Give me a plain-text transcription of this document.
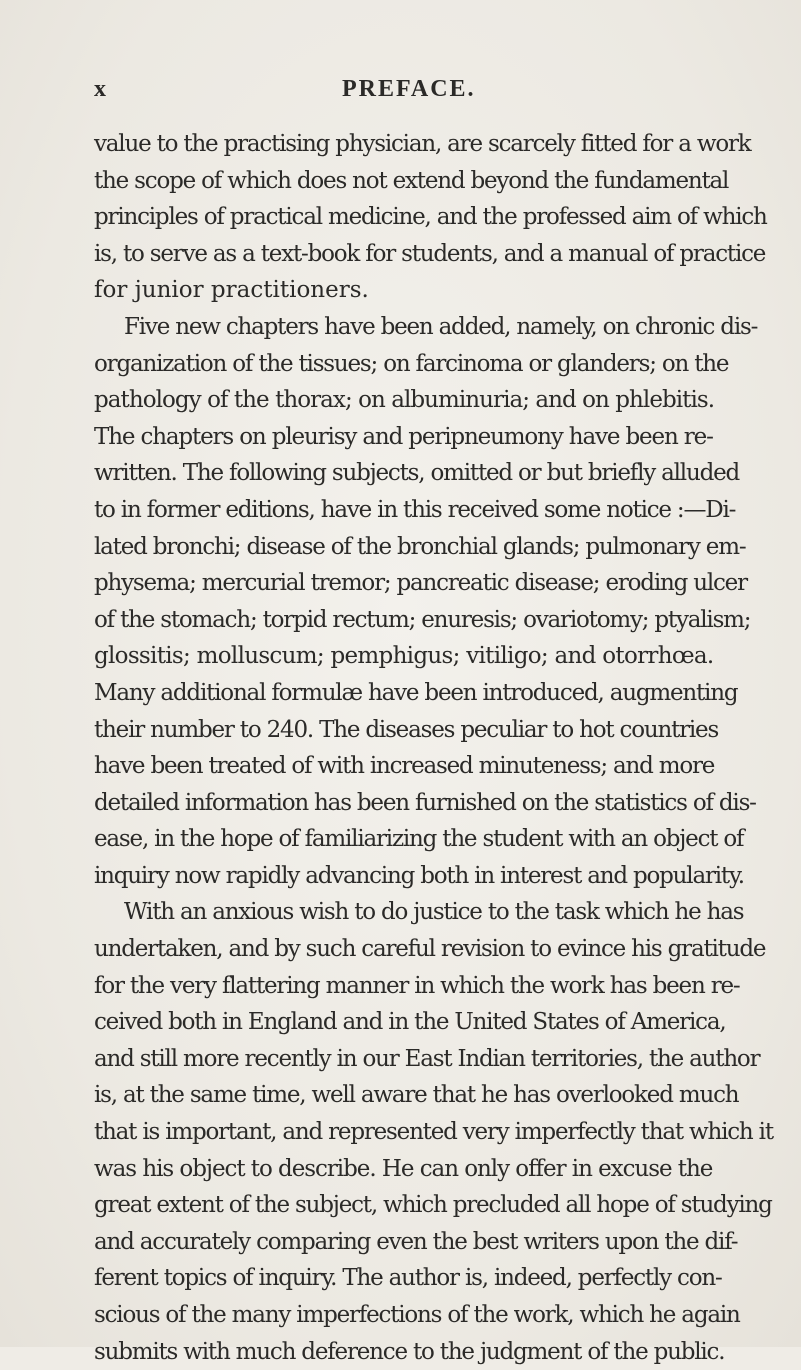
x	PREFACE.
value to the practising physician, are scarcely fitted for a work
the scope of which does not extend beyond the fundamental
principles of practical medicine, and the professed aim of which
is, to serve as a text-book for students, and a manual of practice
for junior practitioners.
Five new chapters have been added, namely, on chronic dis-
organization of the tissues; on farcinoma or glanders; on the
pathology of the thorax; on albuminuria; and on phlebitis.
The chapters on pleurisy and peripneumony have been re-
written. The following subjects, omitted or but briefly alluded
to in former editions, have in this received some notice :—Di-
lated bronchi; disease of the bronchial glands; pulmonary em-
physema; mercurial tremor; pancreatic disease; eroding ulcer
of the stomach; torpid rectum; enuresis; ovariotomy; ptyalism;
glossitis; molluscum; pemphigus; vitiligo; and otorrhœa.
Many additional formulæ have been introduced, augmenting
their number to 240. The diseases peculiar to hot countries
have been treated of with increased minuteness; and more
detailed information has been furnished on the statistics of dis-
ease, in the hope of familiarizing the student with an object of
inquiry now rapidly advancing both in interest and popularity.
With an anxious wish to do justice to the task which he has
undertaken, and by such careful revision to evince his gratitude
for the very flattering manner in which the work has been re-
ceived both in England and in the United States of America,
and still more recently in our East Indian territories, the author
is, at the same time, well aware that he has overlooked much
that is important, and represented very imperfectly that which it
was his object to describe. He can only offer in excuse the
great extent of the subject, which precluded all hope of studying
and accurately comparing even the best writers upon the dif-
ferent topics of inquiry. The author is, indeed, perfectly con-
scious of the many imperfections of the work, which he again
submits with much deference to the judgment of the public.
